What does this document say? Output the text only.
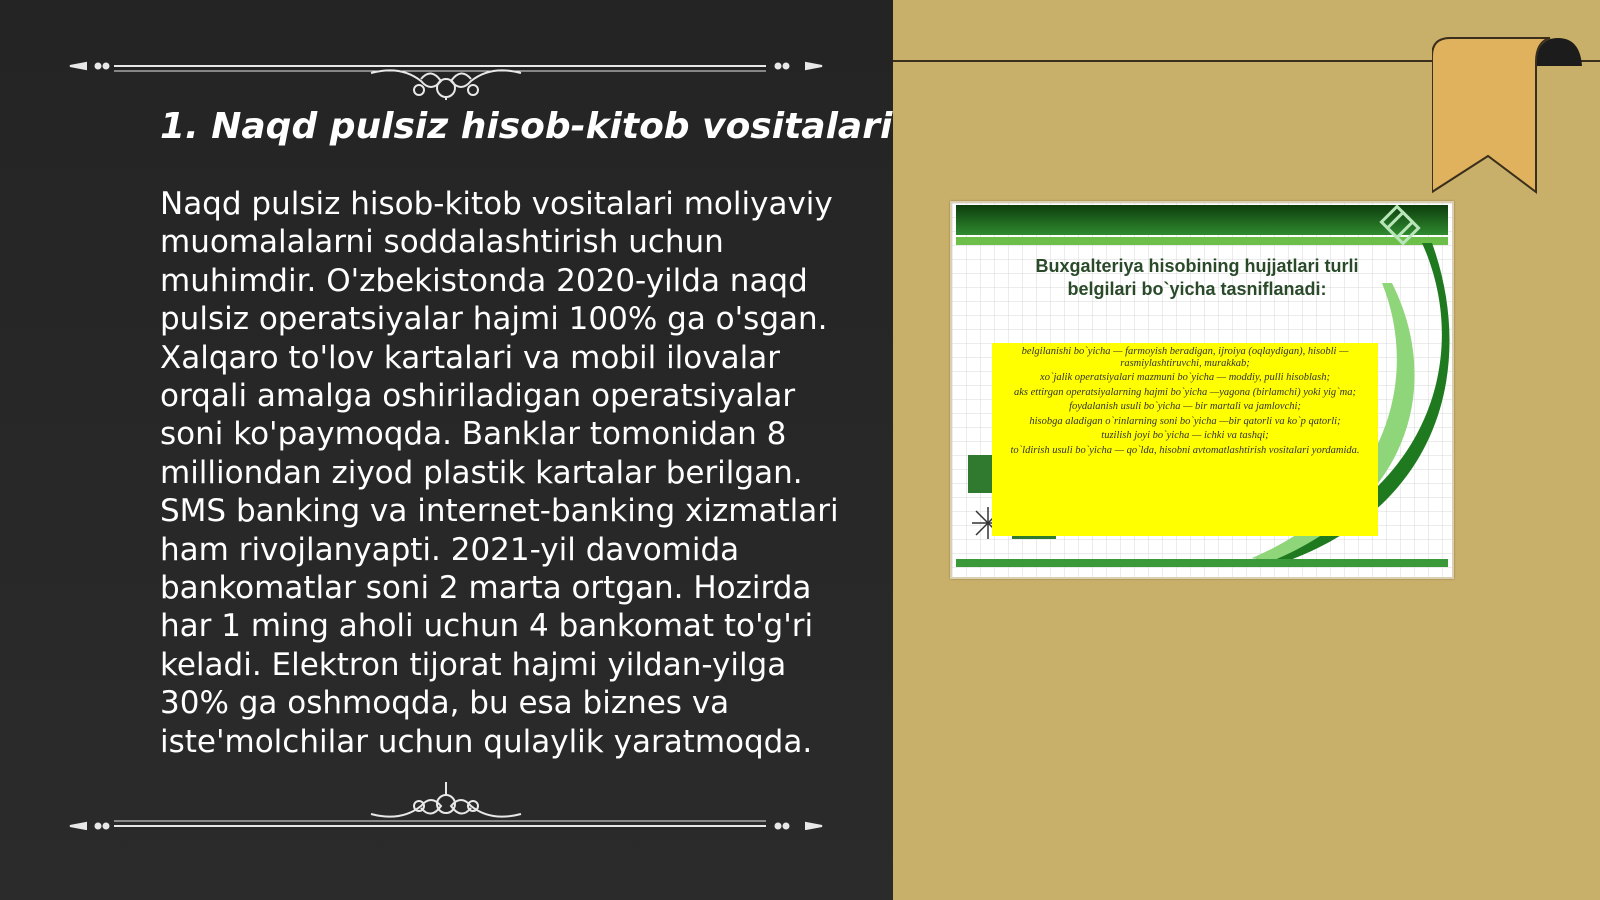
1. Naqd pulsiz hisob-kitob vositalari

Naqd pulsiz hisob-kitob vositalari moliyaviy muomalalarni soddalashtirish uchun muhimdir. O'zbekistonda 2020-yilda naqd pulsiz operatsiyalar hajmi 100% ga o'sgan. Xalqaro to'lov kartalari va mobil ilovalar orqali amalga oshiriladigan operatsiyalar soni ko'paymoqda. Banklar tomonidan 8 milliondan ziyod plastik kartalar berilgan. SMS banking va internet-banking xizmatlari ham rivojlanyapti. 2021-yil davomida bankomatlar soni 2 marta ortgan. Hozirda har 1 ming aholi uchun 4 bankomat to'g'ri keladi. Elektron tijorat hajmi yildan-yilga 30% ga oshmoqda, bu esa biznes va iste'molchilar uchun qulaylik yaratmoqda.

Buxgalteriya hisobining hujjatlari turli belgilari bo`yicha tasniflanadi:

belgilanishi bo`yicha — farmoyish beradigan, ijroiya (oqlaydigan), hisobli — rasmiylashtiruvchi, murakkab;

xo`jalik operatsiyalari mazmuni bo`yicha — moddiy, pulli hisoblash;

aks ettirgan operatsiyalarning hajmi bo`yicha —yagona (birlamchi) yoki yig`ma;

foydalanish usuli bo`yicha — bir martali va jamlovchi;

hisobga aladigan o`rinlarning soni bo`yicha —bir qatorli va ko`p qatorli;

tuzilish joyi bo`yicha — ichki va tashqi;

to`ldirish usuli bo`yicha — qo`lda, hisobni avtomatlashtirish vositalari yordamida.
